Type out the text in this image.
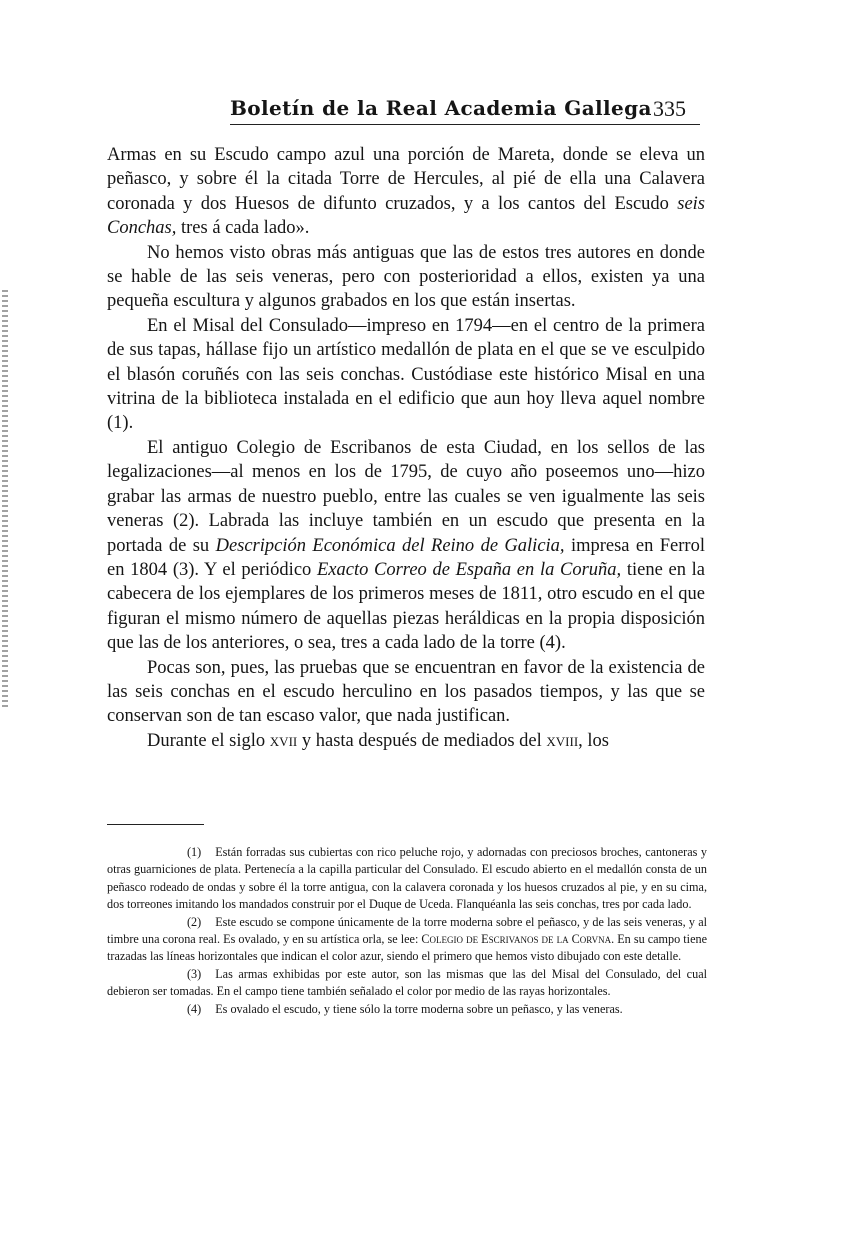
Boletín de la Real Academia Gallega 335

Armas en su Escudo campo azul una porción de Mareta, donde se eleva un peñasco, y sobre él la citada Torre de Hercules, al pié de ella una Calavera coronada y dos Huesos de difunto cruzados, y a los cantos del Escudo seis Conchas, tres á cada lado».

No hemos visto obras más antiguas que las de estos tres autores en donde se hable de las seis veneras, pero con posterioridad a ellos, existen ya una pequeña escultura y algunos grabados en los que están insertas.

En el Misal del Consulado—impreso en 1794—en el centro de la primera de sus tapas, hállase fijo un artístico medallón de plata en el que se ve esculpido el blasón coruñés con las seis conchas. Custódiase este histórico Misal en una vitrina de la biblioteca instalada en el edificio que aun hoy lleva aquel nombre (1).

El antiguo Colegio de Escribanos de esta Ciudad, en los sellos de las legalizaciones—al menos en los de 1795, de cuyo año poseemos uno—hizo grabar las armas de nuestro pueblo, entre las cuales se ven igualmente las seis veneras (2). Labrada las incluye también en un escudo que presenta en la portada de su Descripción Económica del Reino de Galicia, impresa en Ferrol en 1804 (3). Y el periódico Exacto Correo de España en la Coruña, tiene en la cabecera de los ejemplares de los primeros meses de 1811, otro escudo en el que figuran el mismo número de aquellas piezas heráldicas en la propia disposición que las de los anteriores, o sea, tres a cada lado de la torre (4).

Pocas son, pues, las pruebas que se encuentran en favor de la existencia de las seis conchas en el escudo herculino en los pasados tiempos, y las que se conservan son de tan escaso valor, que nada justifican.

Durante el siglo xvii y hasta después de mediados del xviii, los

(1) Están forradas sus cubiertas con rico peluche rojo, y adornadas con preciosos broches, cantoneras y otras guarniciones de plata. Pertenecía a la capilla particular del Consulado. El escudo abierto en el medallón consta de un peñasco rodeado de ondas y sobre él la torre antigua, con la calavera coronada y los huesos cruzados al pie, y en su cima, dos torreones imitando los mandados construir por el Duque de Uceda. Flanquéanla las seis conchas, tres por cada lado.

(2) Este escudo se compone únicamente de la torre moderna sobre el peñasco, y de las seis veneras, y al timbre una corona real. Es ovalado, y en su artística orla, se lee: Colegio de Escrivanos de la Corvna. En su campo tiene trazadas las líneas horizontales que indican el color azur, siendo el primero que hemos visto dibujado con este detalle.

(3) Las armas exhibidas por este autor, son las mismas que las del Misal del Consulado, del cual debieron ser tomadas. En el campo tiene también señalado el color por medio de las rayas horizontales.

(4) Es ovalado el escudo, y tiene sólo la torre moderna sobre un peñasco, y las veneras.
